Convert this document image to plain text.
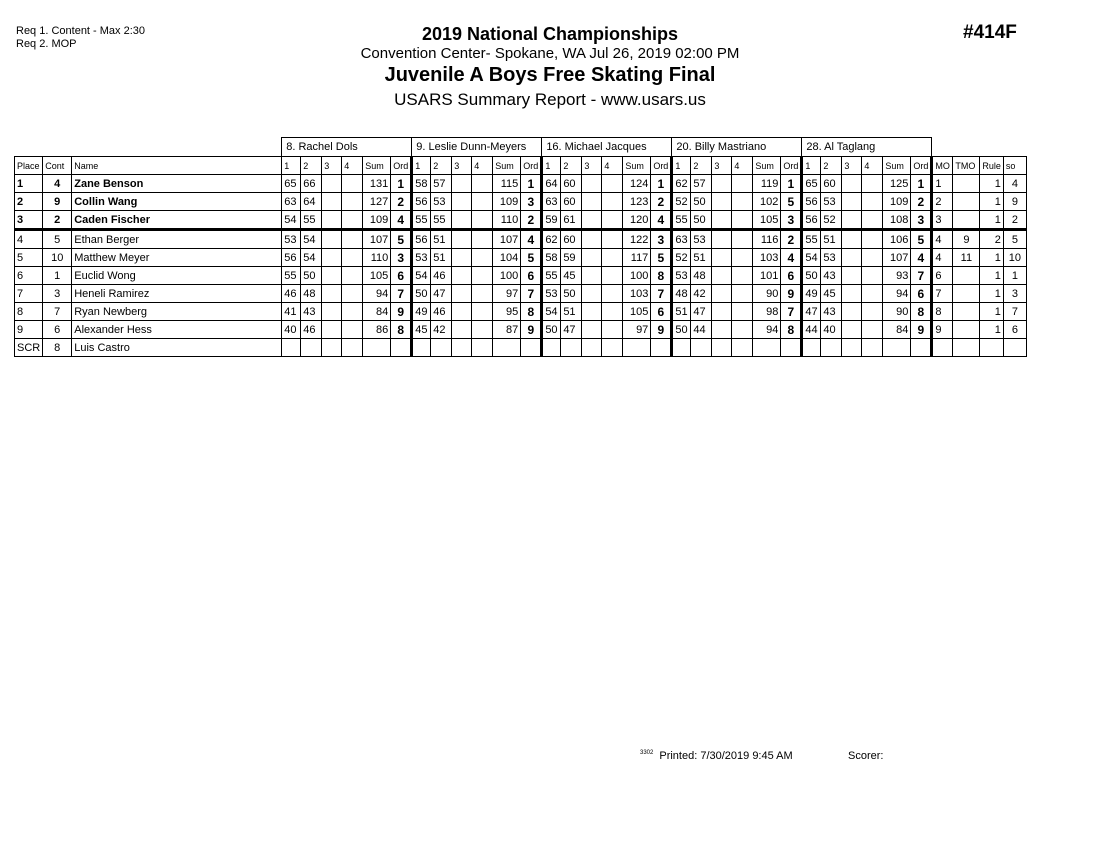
Req 1. Content - Max 2:30
Req 2. MOP
#414F
2019 National Championships
Convention Center- Spokane, WA Jul 26, 2019 02:00 PM
Juvenile A Boys Free Skating Final
USARS Summary Report - www.usars.us
			8. Rachel Dols						9. Leslie Dunn-Meyers						16. Michael Jacques						20. Billy Mastriano						28. Al Taglang									
Place	Cont	Name	1	2	3	4	Sum	Ord	1	2	3	4	Sum	Ord	1	2	3	4	Sum	Ord	1	2	3	4	Sum	Ord	1	2	3	4	Sum	Ord	MO	TMO	Rule	so
1	4	Zane Benson	65	66			131	1	58	57			115	1	64	60			124	1	62	57			119	1	65	60			125	1	1		1	4
2	9	Collin Wang	63	64			127	2	56	53			109	3	63	60			123	2	52	50			102	5	56	53			109	2	2		1	9
3	2	Caden Fischer	54	55			109	4	55	55			110	2	59	61			120	4	55	50			105	3	56	52			108	3	3		1	2
4	5	Ethan Berger	53	54			107	5	56	51			107	4	62	60			122	3	63	53			116	2	55	51			106	5	4	9	2	5
5	10	Matthew Meyer	56	54			110	3	53	51			104	5	58	59			117	5	52	51			103	4	54	53			107	4	4	11	1	10
6	1	Euclid Wong	55	50			105	6	54	46			100	6	55	45			100	8	53	48			101	6	50	43			93	7	6		1	1
7	3	Heneli Ramirez	46	48			94	7	50	47			97	7	53	50			103	7	48	42			90	9	49	45			94	6	7		1	3
8	7	Ryan Newberg	41	43			84	9	49	46			95	8	54	51			105	6	51	47			98	7	47	43			90	8	8		1	7
9	6	Alexander Hess	40	46			86	8	45	42			87	9	50	47			97	9	50	44			94	8	44	40			84	9	9		1	6
SCR	8	Luis Castro																																		
$^{3302}$ Printed: 7/30/2019 9:45 AM	Scorer:
